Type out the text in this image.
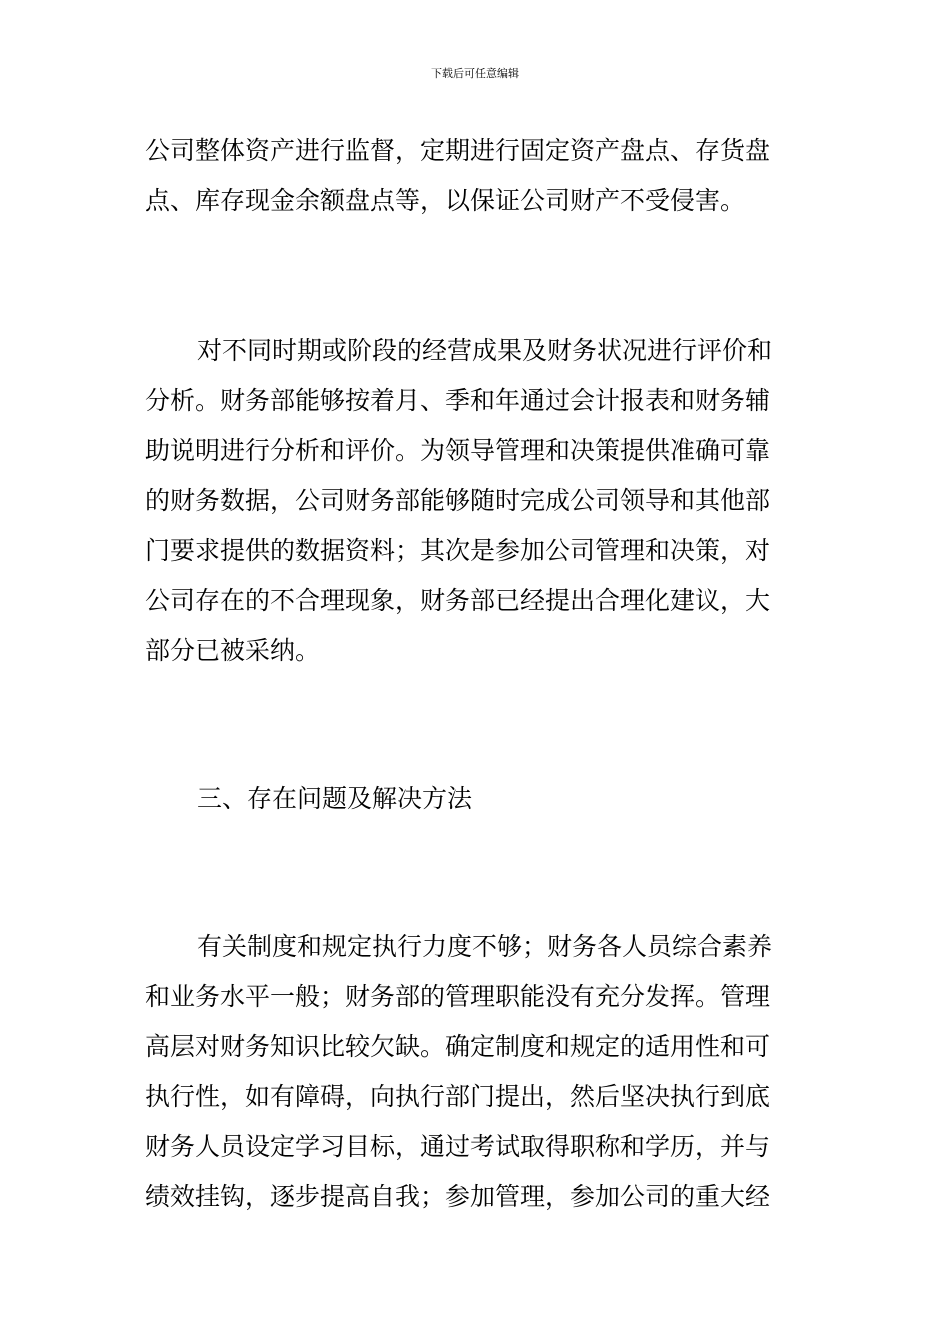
下载后可任意编辑
公司整体资产进行监督，定期进行固定资产盘点、存货盘
点、库存现金余额盘点等，以保证公司财产不受侵害。
对不同时期或阶段的经营成果及财务状况进行评价和
分析。财务部能够按着月、季和年通过会计报表和财务辅
助说明进行分析和评价。为领导管理和决策提供准确可靠
的财务数据，公司财务部能够随时完成公司领导和其他部
门要求提供的数据资料；其次是参加公司管理和决策，对
公司存在的不合理现象，财务部已经提出合理化建议，大
部分已被采纳。
三、存在问题及解决方法
有关制度和规定执行力度不够；财务各人员综合素养
和业务水平一般；财务部的管理职能没有充分发挥。管理
高层对财务知识比较欠缺。确定制度和规定的适用性和可
执行性，如有障碍，向执行部门提出，然后坚决执行到底
财务人员设定学习目标，通过考试取得职称和学历，并与
绩效挂钩，逐步提高自我；参加管理，参加公司的重大经
